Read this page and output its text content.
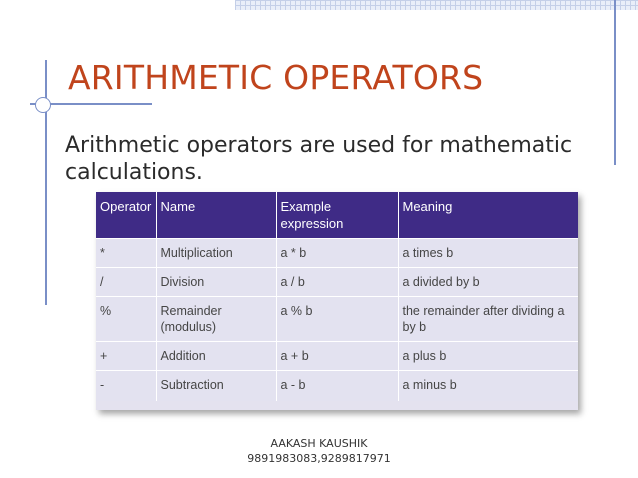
ARITHMETIC OPERATORS
Arithmetic operators are used for mathematic calculations.
Operator	Name	Example expression	Meaning
*	Multiplication	a * b	a times b
/	Division	a / b	a divided by b
%	Remainder (modulus)	a % b	the remainder after dividing a by b
+	Addition	a + b	a plus b
-	Subtraction	a - b	a minus b
AAKASH KAUSHIK
9891983083,9289817971
